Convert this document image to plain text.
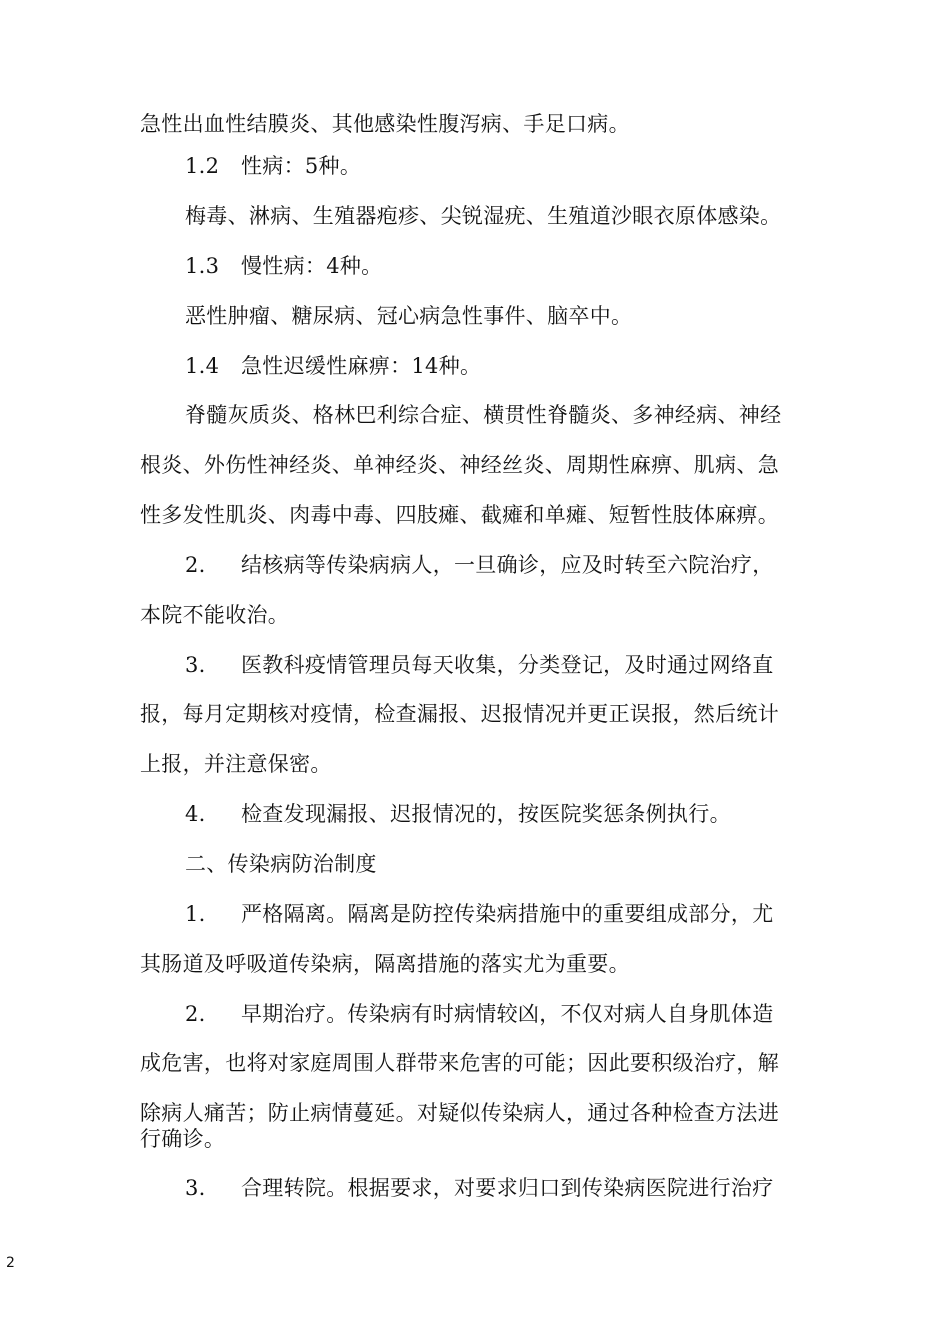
急性出血性结膜炎、其他感染性腹泻病、手足口病。
1.2 性病：5种。
梅毒、淋病、生殖器疱疹、尖锐湿疣、生殖道沙眼衣原体感染。
1.3 慢性病：4种。
恶性肿瘤、糖尿病、冠心病急性事件、脑卒中。
1.4 急性迟缓性麻痹：14种。
脊髓灰质炎、格林巴利综合症、横贯性脊髓炎、多神经病、神经
根炎、外伤性神经炎、单神经炎、神经丝炎、周期性麻痹、肌病、急
性多发性肌炎、肉毒中毒、四肢瘫、截瘫和单瘫、短暂性肢体麻痹。
2. 结核病等传染病病人，一旦确诊，应及时转至六院治疗，
本院不能收治。
3. 医教科疫情管理员每天收集，分类登记，及时通过网络直
报，每月定期核对疫情，检查漏报、迟报情况并更正误报，然后统计
上报，并注意保密。
4. 检查发现漏报、迟报情况的，按医院奖惩条例执行。
二、传染病防治制度
1. 严格隔离。隔离是防控传染病措施中的重要组成部分，尤
其肠道及呼吸道传染病，隔离措施的落实尤为重要。
2. 早期治疗。传染病有时病情较凶，不仅对病人自身肌体造
成危害，也将对家庭周围人群带来危害的可能；因此要积级治疗，解
除病人痛苦；防止病情蔓延。对疑似传染病人，通过各种检查方法进
行确诊。
3. 合理转院。根据要求，对要求归口到传染病医院进行治疗
2
